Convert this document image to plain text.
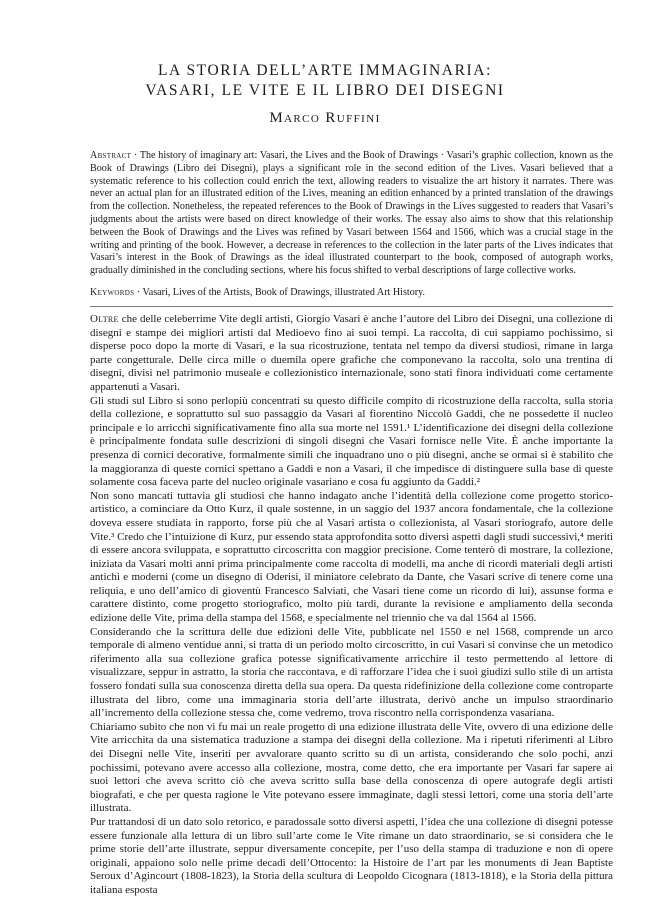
LA STORIA DELL’ARTE IMMAGINARIA:
VASARI, LE VITE E IL LIBRO DEI DISEGNI
Marco Ruffini

Abstract · The history of imaginary art: Vasari, the Lives and the Book of Drawings · Vasari’s graphic collection, known as the Book of Drawings (Libro dei Disegni), plays a significant role in the second edition of the Lives. Vasari believed that a systematic reference to his collection could enrich the text, allowing readers to visualize the art history it narrates. There was never an actual plan for an illustrated edition of the Lives, meaning an edition enhanced by a printed translation of the drawings from the collection. Nonetheless, the repeated references to the Book of Drawings in the Lives suggested to readers that Vasari’s judgments about the artists were based on direct knowledge of their works. The essay also aims to show that this relationship between the Book of Drawings and the Lives was refined by Vasari between 1564 and 1566, which was a crucial stage in the writing and printing of the book. However, a decrease in references to the collection in the later parts of the Lives indicates that Vasari’s interest in the Book of Drawings as the ideal illustrated counterpart to the book, composed of autograph works, gradually diminished in the concluding sections, where his focus shifted to verbal descriptions of large collective works.

Keywords · Vasari, Lives of the Artists, Book of Drawings, illustrated Art History.

Oltre che delle celeberrime Vite degli artisti, Giorgio Vasari è anche l’autore del Libro dei Disegni, una collezione di disegni e stampe dei migliori artisti dal Medioevo fino ai suoi tempi. La raccolta, di cui sappiamo pochissimo, si disperse poco dopo la morte di Vasari, e la sua ricostruzione, tentata nel tempo da diversi studiosi, rimane in larga parte congetturale. Delle circa mille o duemila opere grafiche che componevano la raccolta, solo una trentina di disegni, divisi nel patrimonio museale e collezionistico internazionale, sono stati finora individuati come certamente appartenuti a Vasari.

Gli studi sul Libro si sono perlopiù concentrati su questo difficile compito di ricostruzione della raccolta, sulla storia della collezione, e soprattutto sul suo passaggio da Vasari al fiorentino Niccolò Gaddi, che ne possedette il nucleo principale e lo arricchì significativamente fino alla sua morte nel 1591.¹ L’identificazione dei disegni della collezione è principalmente fondata sulle descrizioni di singoli disegni che Vasari fornisce nelle Vite. È anche importante la presenza di cornici decorative, formalmente simili che inquadrano uno o più disegni, anche se ormai si è stabilito che la maggioranza di queste cornici spettano a Gaddi e non a Vasari, il che impedisce di distinguere sulla base di queste solamente cosa faceva parte del nucleo originale vasariano e cosa fu aggiunto da Gaddi.²

Non sono mancati tuttavia gli studiosi che hanno indagato anche l’identità della collezione come progetto storico-artistico, a cominciare da Otto Kurz, il quale sostenne, in un saggio del 1937 ancora fondamentale, che la collezione doveva essere studiata in rapporto, forse più che al Vasari artista o collezionista, al Vasari storiografo, autore delle Vite.³ Credo che l’intuizione di Kurz, pur essendo stata approfondita sotto diversi aspetti dagli studi successivi,⁴ meriti di essere ancora sviluppata, e soprattutto circoscritta con maggior precisione. Come tenterò di mostrare, la collezione, iniziata da Vasari molti anni prima principalmente come raccolta di modelli, ma anche di ricordi materiali degli artisti antichi e moderni (come un disegno di Oderisi, il miniatore celebrato da Dante, che Vasari scrive di tenere come una reliquia, e uno dell’amico di gioventù Francesco Salviati, che Vasari tiene come un ricordo di lui), assunse forma e carattere distinto, come progetto storiografico, molto più tardi, durante la revisione e ampliamento della seconda edizione delle Vite, prima della stampa del 1568, e specialmente nel triennio che va dal 1564 al 1566.

Considerando che la scrittura delle due edizioni delle Vite, pubblicate nel 1550 e nel 1568, comprende un arco temporale di almeno ventidue anni, si tratta di un periodo molto circoscritto, in cui Vasari si convinse che un metodico riferimento alla sua collezione grafica potesse significativamente arricchire il testo permettendo al lettore di visualizzare, seppur in astratto, la storia che raccontava, e di rafforzare l’idea che i suoi giudizi sullo stile di un artista fossero fondati sulla sua conoscenza diretta della sua opera. Da questa ridefinizione della collezione come controparte illustrata del libro, come una immaginaria storia dell’arte illustrata, derivò anche un impulso straordinario all’incremento della collezione stessa che, come vedremo, trova riscontro nella corrispondenza vasariana.

Chiariamo subito che non vi fu mai un reale progetto di una edizione illustrata delle Vite, ovvero di una edizione delle Vite arricchita da una sistematica traduzione a stampa dei disegni della collezione. Ma i ripetuti riferimenti al Libro dei Disegni nelle Vite, inseriti per avvalorare quanto scritto su di un artista, considerando che solo pochi, anzi pochissimi, potevano avere accesso alla collezione, mostra, come detto, che era importante per Vasari far sapere ai suoi lettori che aveva scritto ciò che aveva scritto sulla base della conoscenza di opere autografe degli artisti biografati, e che per questa ragione le Vite potevano essere immaginate, dagli stessi lettori, come una storia dell’arte illustrata.

Pur trattandosi di un dato solo retorico, e paradossale sotto diversi aspetti, l’idea che una collezione di disegni potesse essere funzionale alla lettura di un libro sull’arte come le Vite rimane un dato straordinario, se si considera che le prime storie dell’arte illustrate, seppur diversamente concepite, per l’uso della stampa di traduzione e non di opere originali, appaiono solo nelle prime decadi dell’Ottocento: la Histoire de l’art par les monuments di Jean Baptiste Seroux d’Agincourt (1808-1823), la Storia della scultura di Leopoldo Cicognara (1813-1818), e la Storia della pittura italiana esposta
